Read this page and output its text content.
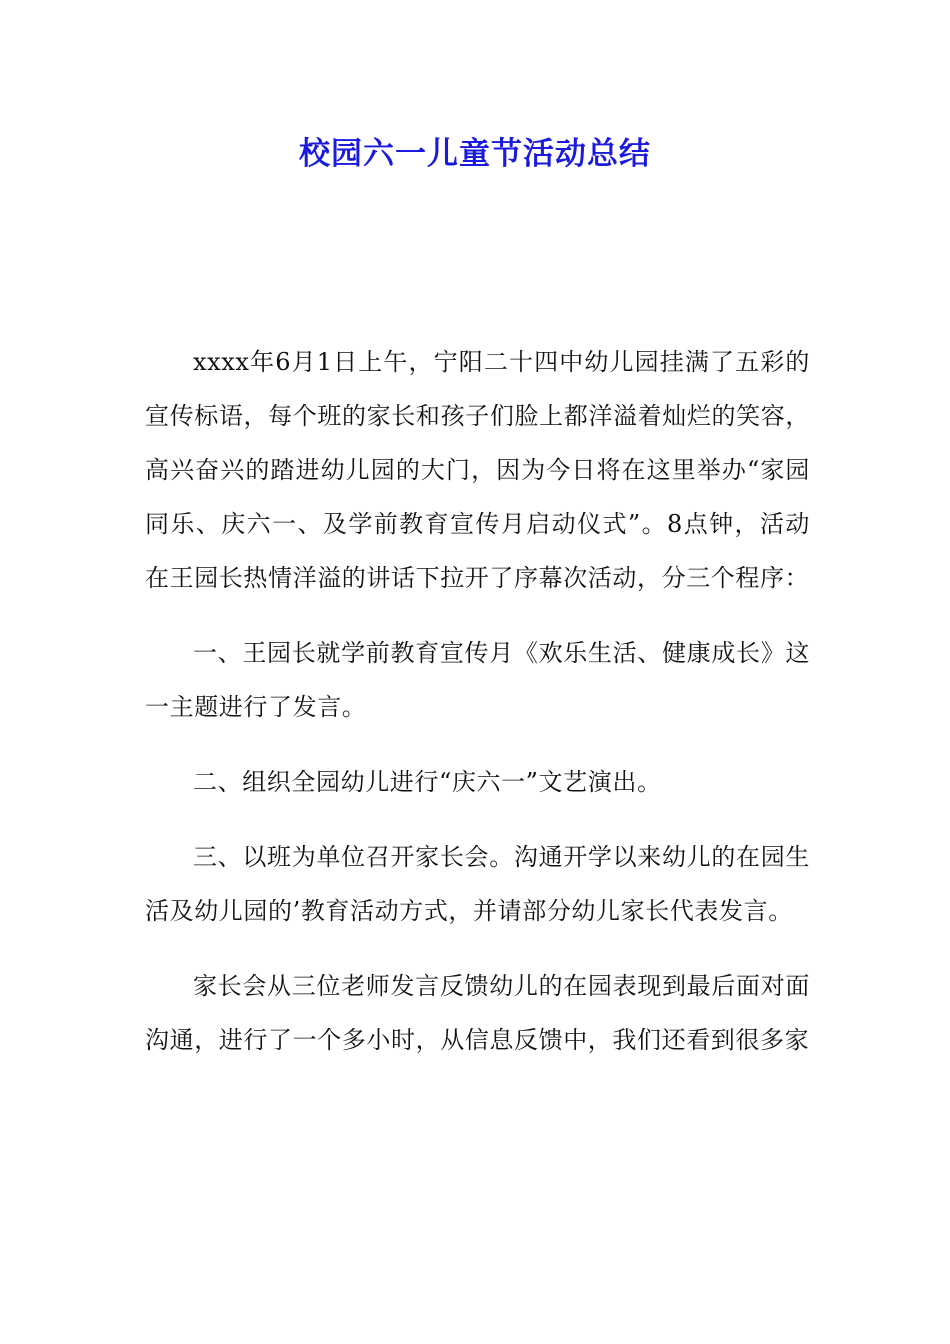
校园六一儿童节活动总结

xxxx年6月1日上午，宁阳二十四中幼儿园挂满了五彩的宣传标语，每个班的家长和孩子们脸上都洋溢着灿烂的笑容，高兴奋兴的踏进幼儿园的大门，因为今日将在这里举办“家园同乐、庆六一、及学前教育宣传月启动仪式”。8点钟，活动在王园长热情洋溢的讲话下拉开了序幕次活动，分三个程序：

一、王园长就学前教育宣传月《欢乐生活、健康成长》这一主题进行了发言。

二、组织全园幼儿进行“庆六一”文艺演出。

三、以班为单位召开家长会。沟通开学以来幼儿的在园生活及幼儿园的’教育活动方式，并请部分幼儿家长代表发言。

家长会从三位老师发言反馈幼儿的在园表现到最后面对面沟通，进行了一个多小时，从信息反馈中，我们还看到很多家
